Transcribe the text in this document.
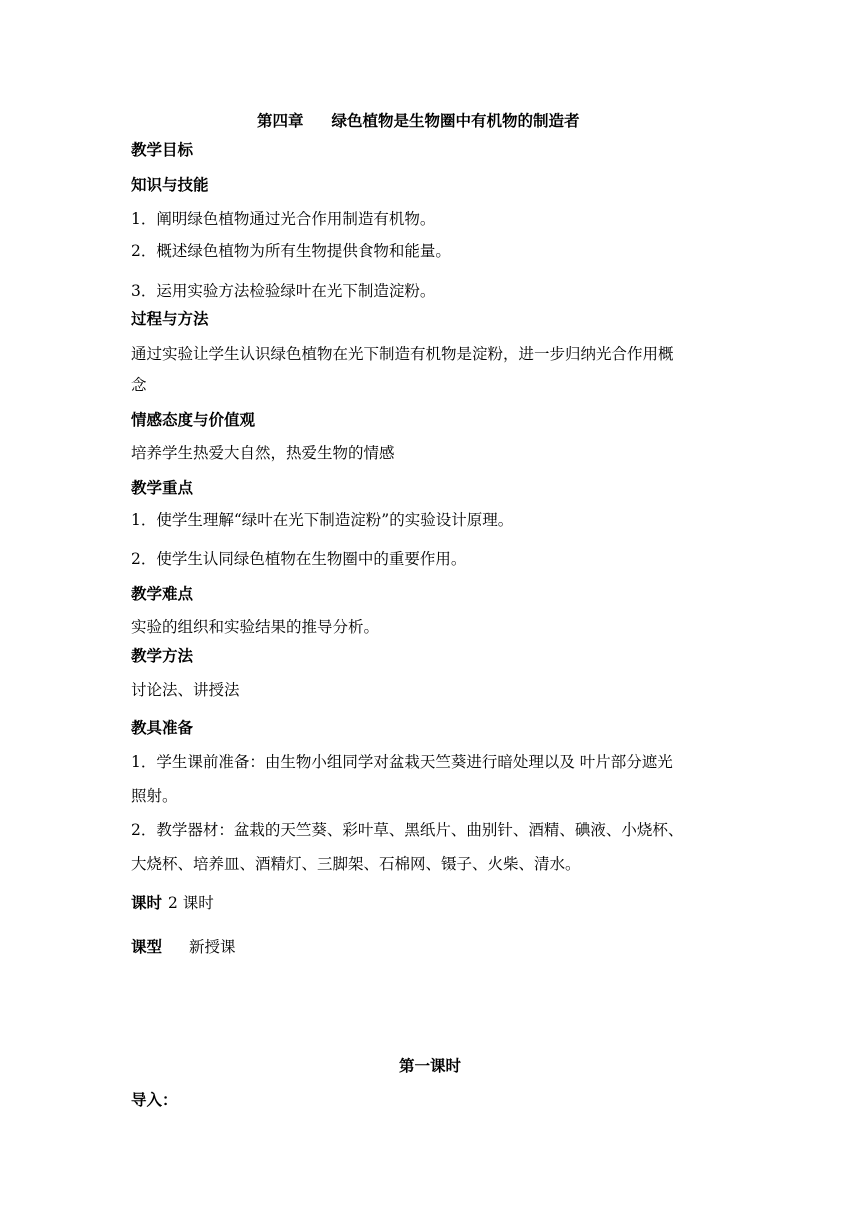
第四章 绿色植物是生物圈中有机物的制造者
教学目标
知识与技能
1．阐明绿色植物通过光合作用制造有机物。
2．概述绿色植物为所有生物提供食物和能量。
3．运用实验方法检验绿叶在光下制造淀粉。
过程与方法
通过实验让学生认识绿色植物在光下制造有机物是淀粉，进一步归纳光合作用概
念
情感态度与价值观
培养学生热爱大自然，热爱生物的情感
教学重点
1．使学生理解“绿叶在光下制造淀粉”的实验设计原理。
2．使学生认同绿色植物在生物圈中的重要作用。
教学难点
实验的组织和实验结果的推导分析。
教学方法
讨论法、讲授法
教具准备
1．学生课前准备：由生物小组同学对盆栽天竺葵进行暗处理以及 叶片部分遮光
照射。
2．教学器材：盆栽的天竺葵、彩叶草、黑纸片、曲别针、酒精、碘液、小烧杯、
大烧杯、培养皿、酒精灯、三脚架、石棉网、镊子、火柴、清水。
课时 2 课时
课型 新授课
第一课时
导入：
